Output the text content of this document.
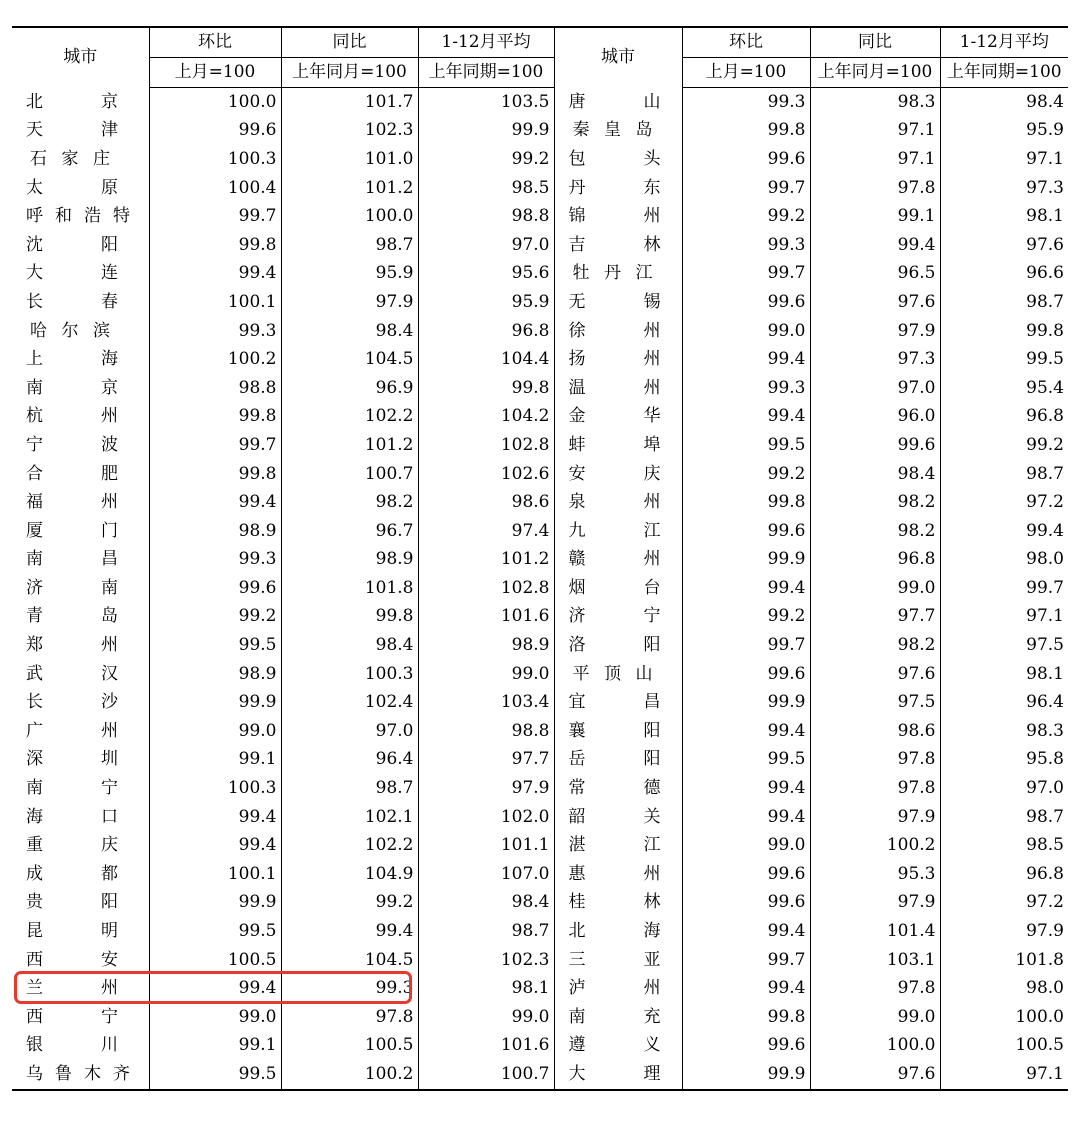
城市	环比	同比	1-12月平均	城市	环比	同比	1-12月平均
	上月=100	上年同月=100	上年同期=100		上月=100	上年同月=100	上年同期=100

北 京	100.0	101.7	103.5	唐 山	99.3	98.3	98.4

天 津	99.6	102.3	99.9	秦 皇 岛	99.8	97.1	95.9

石 家 庄	100.3	101.0	99.2	包 头	99.6	97.1	97.1

太 原	100.4	101.2	98.5	丹 东	99.7	97.8	97.3

呼 和 浩 特	99.7	100.0	98.8	锦 州	99.2	99.1	98.1

沈 阳	99.8	98.7	97.0	吉 林	99.3	99.4	97.6

大 连	99.4	95.9	95.6	牡 丹 江	99.7	96.5	96.6

长 春	100.1	97.9	95.9	无 锡	99.6	97.6	98.7

哈 尔 滨	99.3	98.4	96.8	徐 州	99.0	97.9	99.8

上 海	100.2	104.5	104.4	扬 州	99.4	97.3	99.5

南 京	98.8	96.9	99.8	温 州	99.3	97.0	95.4

杭 州	99.8	102.2	104.2	金 华	99.4	96.0	96.8

宁 波	99.7	101.2	102.8	蚌 埠	99.5	99.6	99.2

合 肥	99.8	100.7	102.6	安 庆	99.2	98.4	98.7

福 州	99.4	98.2	98.6	泉 州	99.8	98.2	97.2

厦 门	98.9	96.7	97.4	九 江	99.6	98.2	99.4

南 昌	99.3	98.9	101.2	赣 州	99.9	96.8	98.0

济 南	99.6	101.8	102.8	烟 台	99.4	99.0	99.7

青 岛	99.2	99.8	101.6	济 宁	99.2	97.7	97.1

郑 州	99.5	98.4	98.9	洛 阳	99.7	98.2	97.5

武 汉	98.9	100.3	99.0	平 顶 山	99.6	97.6	98.1

长 沙	99.9	102.4	103.4	宜 昌	99.9	97.5	96.4

广 州	99.0	97.0	98.8	襄 阳	99.4	98.6	98.3

深 圳	99.1	96.4	97.7	岳 阳	99.5	97.8	95.8

南 宁	100.3	98.7	97.9	常 德	99.4	97.8	97.0

海 口	99.4	102.1	102.0	韶 关	99.4	97.9	98.7

重 庆	99.4	102.2	101.1	湛 江	99.0	100.2	98.5

成 都	100.1	104.9	107.0	惠 州	99.6	95.3	96.8

贵 阳	99.9	99.2	98.4	桂 林	99.6	97.9	97.2

昆 明	99.5	99.4	98.7	北 海	99.4	101.4	97.9

西 安	100.5	104.5	102.3	三 亚	99.7	103.1	101.8

兰 州	99.4	99.3	98.1	泸 州	99.4	97.8	98.0

西 宁	99.0	97.8	99.0	南 充	99.8	99.0	100.0

银 川	99.1	100.5	101.6	遵 义	99.6	100.0	100.5

乌 鲁 木 齐	99.5	100.2	100.7	大 理	99.9	97.6	97.1
